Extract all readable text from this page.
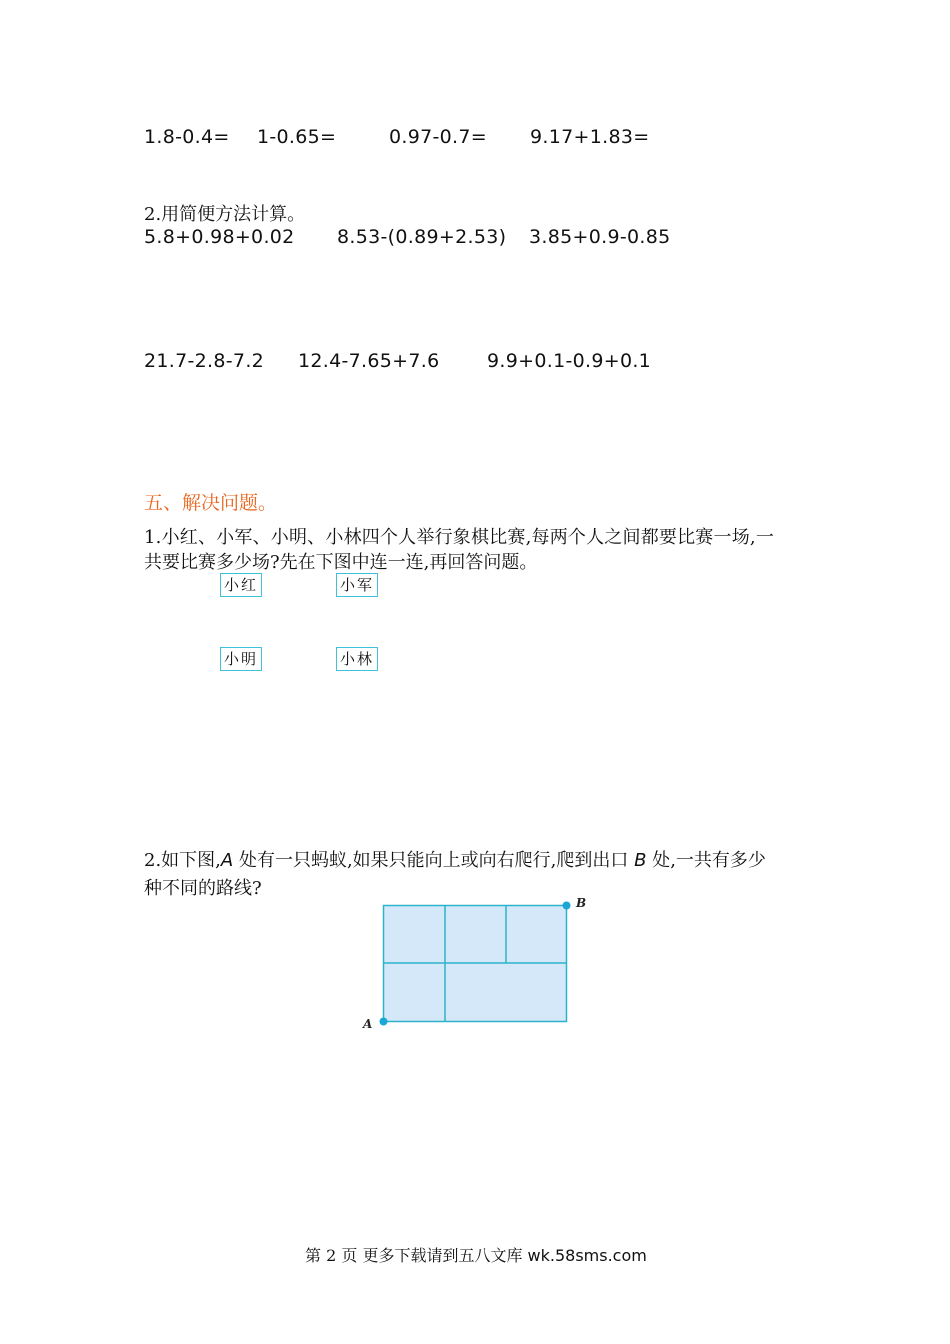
1.8-0.4= 1-0.65=	0.97-0.7= 9.17+1.83=
2.用简便方法计算。
5.8+0.98+0.02 8.53-(0.89+2.53) 3.85+0.9-0.85
21.7-2.8-7.2 12.4-7.65+7.6 9.9+0.1-0.9+0.1
五、解决问题。
1.小红、小军、小明、小林四个人举行象棋比赛,每两个人之间都要比赛一场,一
共要比赛多少场?先在下图中连一连,再回答问题。
小红	小军
小明	小林
2.如下图,A 处有一只蚂蚁,如果只能向上或向右爬行,爬到出口 B 处,一共有多少
种不同的路线?
A
B
第 2 页 更多下载请到五八文库 wk.58sms.com
